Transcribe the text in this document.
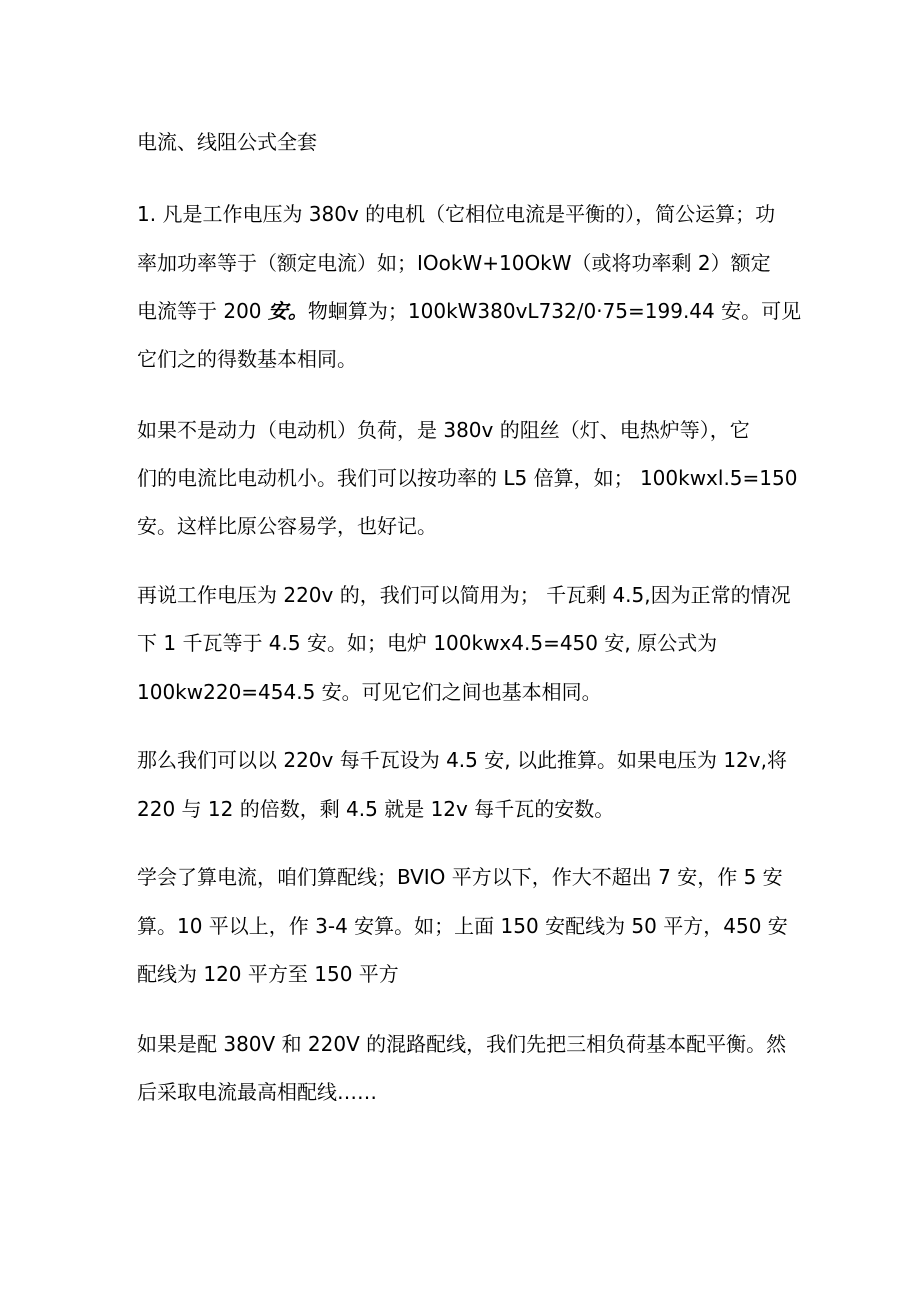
电流、线阻公式全套
1. 凡是工作电压为 380v 的电机（它相位电流是平衡的），简公运算；功
率加功率等于（额定电流）如；IOokW+10OkW（或将功率剩 2）额定
电流等于 200 安。物蛔算为；100kW380vL732/0·75=199.44 安。可见
它们之的得数基本相同。
如果不是动力（电动机）负荷，是 380v 的阻丝（灯、电热炉等），它
们的电流比电动机小。我们可以按功率的 L5 倍算，如； 100kwxl.5=150
安。这样比原公容易学，也好记。
再说工作电压为 220v 的，我们可以简用为； 千瓦剩 4.5,因为正常的情况
下 1 千瓦等于 4.5 安。如；电炉 100kwx4.5=450 安, 原公式为
100kw220=454.5 安。可见它们之间也基本相同。
那么我们可以以 220v 每千瓦设为 4.5 安, 以此推算。如果电压为 12v,将
220 与 12 的倍数，剩 4.5 就是 12v 每千瓦的安数。
学会了算电流，咱们算配线；BVIO 平方以下，作大不超出 7 安，作 5 安
算。10 平以上，作 3-4 安算。如；上面 150 安配线为 50 平方，450 安
配线为 120 平方至 150 平方
如果是配 380V 和 220V 的混路配线，我们先把三相负荷基本配平衡。然
后采取电流最高相配线……
